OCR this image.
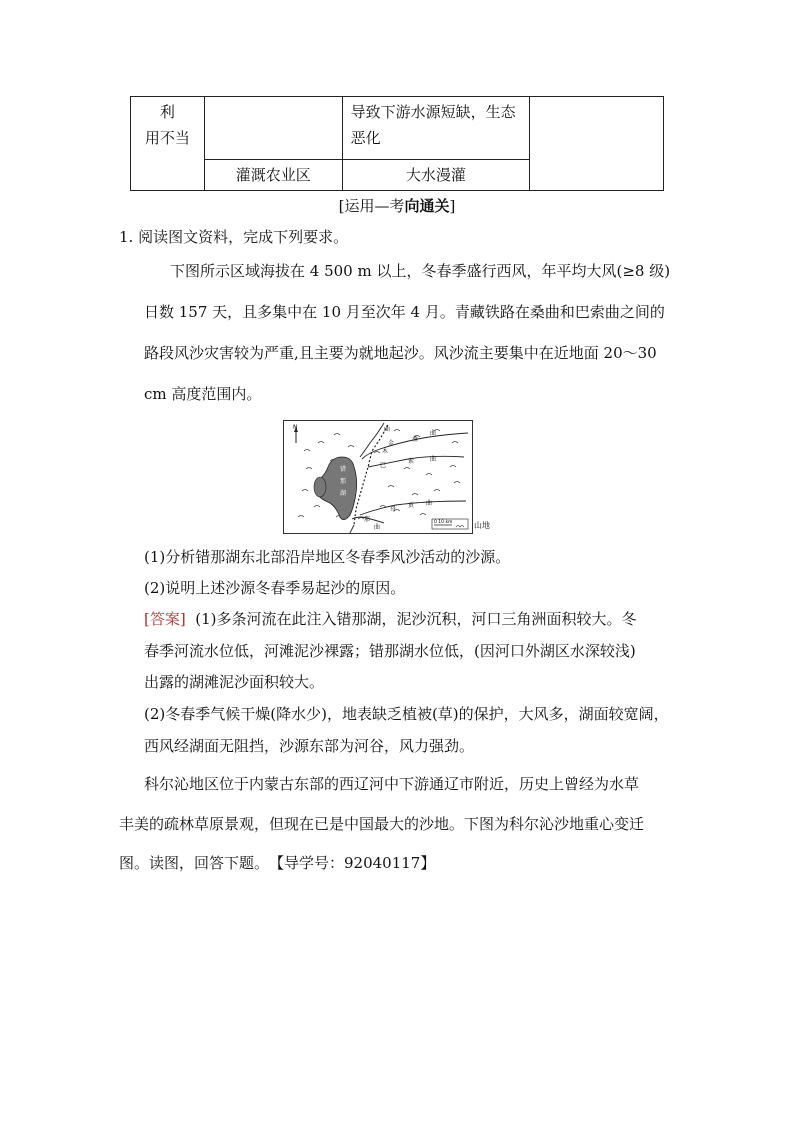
利
用不当		导致下游水源短缺，生态恶化	

	灌溉农业区	大水漫灌	
[运用—考向通关]
1. 阅读图文资料，完成下列要求。
下图所示区域海拔在 4 500 m 以上，冬春季盛行西风，年平均大风(≥8 级)
日数 157 天，且多集中在 10 月至次年 4 月。青藏铁路在桑曲和巴索曲之间的
路段风沙灾害较为严重,且主要为就地起沙。风沙流主要集中在近地面 20～30
cm 高度范围内。
N
错
那
湖
曲
金
桑
曲
木
巴
索	曲
母
贡 曲
那
曲
0 10 km	山地
(1)分析错那湖东北部沿岸地区冬春季风沙活动的沙源。
(2)说明上述沙源冬春季易起沙的原因。
[答案] (1)多条河流在此注入错那湖，泥沙沉积，河口三角洲面积较大。冬
春季河流水位低，河滩泥沙裸露；错那湖水位低，(因河口外湖区水深较浅)
出露的湖滩泥沙面积较大。
(2)冬春季气候干燥(降水少)，地表缺乏植被(草)的保护，大风多，湖面较宽阔，
西风经湖面无阻挡，沙源东部为河谷，风力强劲。
科尔沁地区位于内蒙古东部的西辽河中下游通辽市附近，历史上曾经为水草
丰美的疏林草原景观，但现在已是中国最大的沙地。下图为科尔沁沙地重心变迁
图。读图，回答下题。　【导学号：92040117】
